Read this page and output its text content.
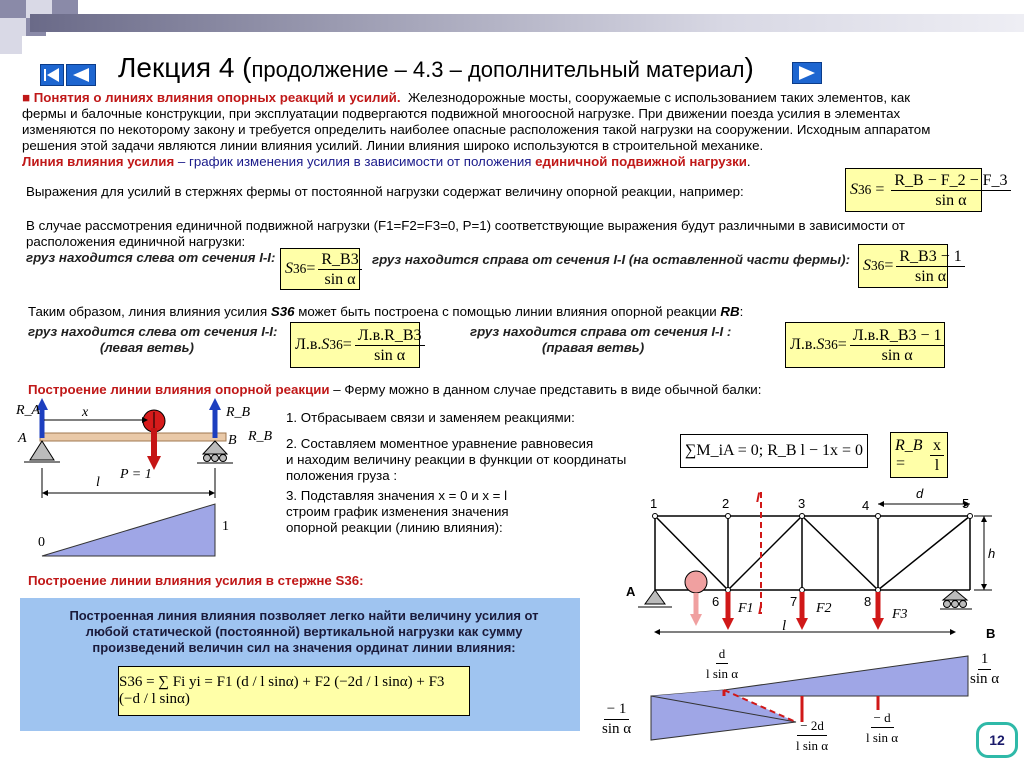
Лекция 4 (продолжение – 4.3 – дополнительный материал)
■ Понятия о линиях влияния опорных реакций и усилий. Железнодорожные мосты, сооружаемые с использованием таких элементов, как
фермы и балочные конструкции, при эксплуатации подвергаются подвижной многоосной нагрузке. При движении поезда усилия в элементах
изменяются по некоторому закону и требуется определить наиболее опасные расположения такой нагрузки на сооружении. Исходным аппаратом
решения этой задачи являются линии влияния усилий. Линии влияния широко используются в строительной механике.
Линия влияния усилия – график изменения усилия в зависимости от положения единичной подвижной нагрузки.
Выражения для усилий в стержнях фермы от постоянной нагрузки содержат величину опорной реакции, например:
	S $36 = \frac{R\_B - F\_2 - F\_3}{\text{sin α}}$
В случае рассмотрения единичной подвижной нагрузки (F1=F2=F3=0, P=1) соответствующие выражения будут различными в зависимости от
расположения единичной нагрузки:
груз находится слева от сечения I-I:

S $36 = \frac{R\_B3}{\text{sin α}}$ груз находится справа от сечения I-I (на оставленной части фермы):
S $36 = \frac{R\_B3 - 1}{\text{sin α}}$
Таким образом, линия влияния усилия S36 может быть построена с помощью линии влияния опорной реакции RB:
груз находится слева от сечения I-I:
(левая ветвь)
	Л.в. S $36 = \frac{Л.в.R\_B3}{\text{sin α}}$	груз находится справа от сечения I-I :
(правая ветвь)
	Л.в. S $36 = \frac{Л.в.R\_B3 - 1}{\text{sin α}}$
Построение линии влияния опорной реакции – Ферму можно в данном случае представить в виде обычной балки:
R_A
A
x	R_B
B R_B
P = 1
l
0
1
1. Отбрасываем связи и заменяем реакциями:
2. Составляем моментное уравнение равновесия
и находим величину реакции в функции от координаты
положения груза :
∑M_iA = 0; R_B l − 1x = 0
	R_B =	$\frac{x}{l}$
3. Подставляя значения x = 0 и x = l
строим график изменения значения
опорной реакции (линию влияния):
1	2	3	4	5
6	7	8
I
I
d
h
A
B
l
F1	F2	F3
Построение линии влияния усилия в стержне S36:
$\frac{d}{\text{l sin α}}$	$\frac{1}{\text{sin α}}$
$\frac{- 1}{\text{sin α}}$	$\frac{- 2d}{\text{l sin α}} \frac{- d}{\text{l sin α}}$
Построенная линия влияния позволяет легко найти величину усилия от
любой статической (постоянной) вертикальной нагрузки как сумму
произведений величин сил на значения ординат линии влияния:
S36 = ∑ Fi yi = F1 (d / l sinα) + F2 (−2d / l sinα) + F3 (−d / l sinα)
12
